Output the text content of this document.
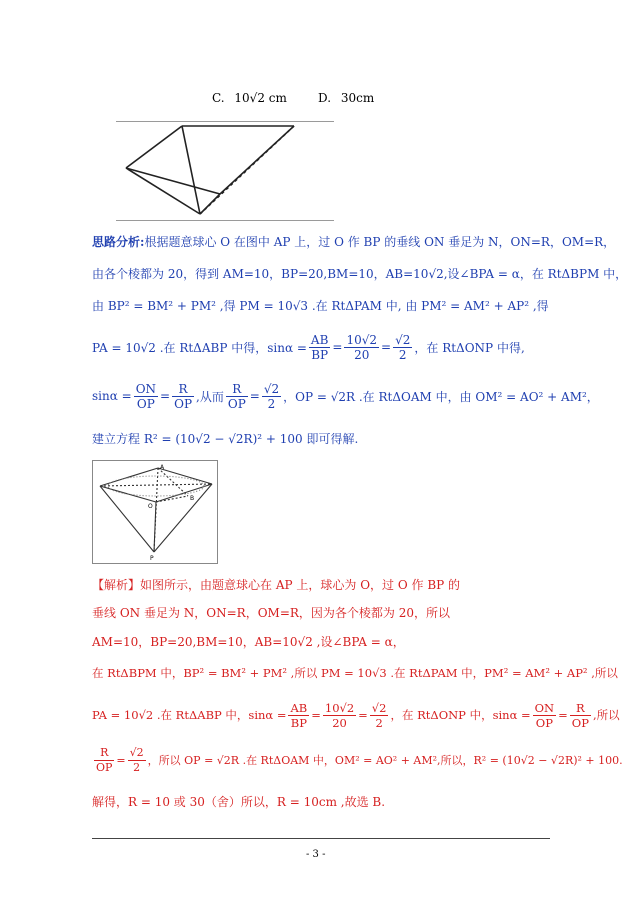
C. 10√2 cm	D. 30cm
思路分析:根据题意球心 O 在图中 AP 上，过 O 作 BP 的垂线 ON 垂足为 N，ON=R，OM=R，
由各个棱都为 20，得到 AM=10，BP=20,BM=10，AB=10√2,设∠BPA = α，在 RtΔBPM 中，
由 BP² = BM² + PM² ,得 PM = 10√3 .在 RtΔPAM 中, 由 PM² = AM² + AP² ,得
PA = 10√2 .在 RtΔABP 中得，$\sin\alpha = \frac{AB}{BP} = \frac{10√2}{20} = \frac{√2}{2}$ ，在 RtΔONP 中得,
$\sin\alpha = \frac{ON}{OP} = \frac{R}{OP}$ ,从而 $\frac{R}{OP} = \frac{√2}{2}$ ，OP = √2R .在 RtΔOAM 中，由 OM² = AO² + AM²，
建立方程 R² = (10√2 − √2R)² + 100 即可得解.
A
O
B
P
【解析】如图所示，由题意球心在 AP 上，球心为 O，过 O 作 BP 的
垂线 ON 垂足为 N，ON=R，OM=R，因为各个棱都为 20，所以
AM=10，BP=20,BM=10，AB=10√2 ,设∠BPA = α，
在 RtΔBPM 中，BP² = BM² + PM² ,所以 PM = 10√3 .在 RtΔPAM 中，PM² = AM² + AP² ,所以
PA = 10√2 .在 RtΔABP 中，$\sin\alpha = \frac{AB}{BP} = \frac{10√2}{20} = \frac{√2}{2}$ ，在 RtΔONP 中，$\sin\alpha = \frac{ON}{OP} = \frac{R}{OP}$ ,所以
$\frac{R}{OP} = \frac{√2}{2}$ ，所以 OP = √2R .在 RtΔOAM 中，OM² = AO² + AM²,所以，R² = (10√2 − √2R)² + 100.
解得，R = 10 或 30（舍）所以，R = 10cm ,故选 B.
- 3 -
